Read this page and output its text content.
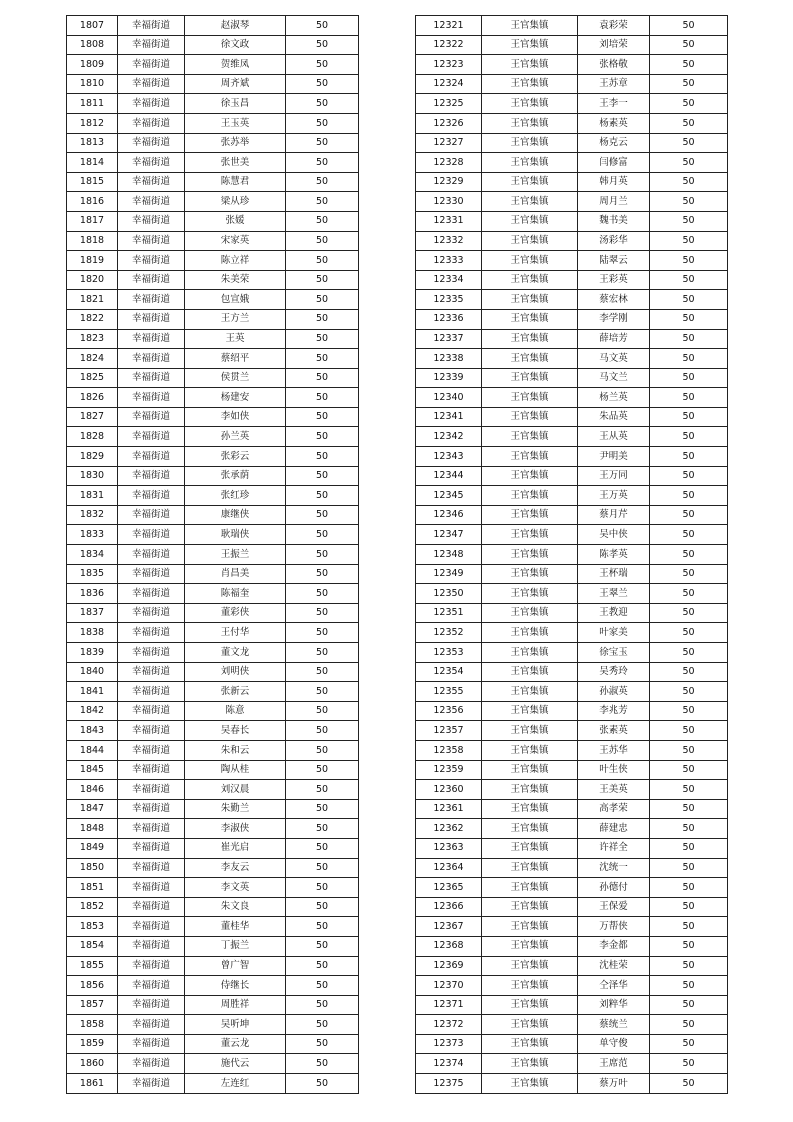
1807	幸福街道	赵淑琴	50
1808	幸福街道	徐文政	50
1809	幸福街道	贺维凤	50
1810	幸福街道	周齐斌	50
1811	幸福街道	徐玉昌	50
1812	幸福街道	王玉英	50
1813	幸福街道	张苏举	50
1814	幸福街道	张世美	50
1815	幸福街道	陈慧君	50
1816	幸福街道	梁从珍	50
1817	幸福街道	张媛	50
1818	幸福街道	宋家英	50
1819	幸福街道	陈立祥	50
1820	幸福街道	朱美荣	50
1821	幸福街道	包宣娥	50
1822	幸福街道	王方兰	50
1823	幸福街道	王英	50
1824	幸福街道	蔡绍平	50
1825	幸福街道	侯贯兰	50
1826	幸福街道	杨建安	50
1827	幸福街道	李如侠	50
1828	幸福街道	孙兰英	50
1829	幸福街道	张彩云	50
1830	幸福街道	张承荫	50
1831	幸福街道	张红珍	50
1832	幸福街道	康继侠	50
1833	幸福街道	耿瑞侠	50
1834	幸福街道	王振兰	50
1835	幸福街道	肖昌美	50
1836	幸福街道	陈福奎	50
1837	幸福街道	董彩侠	50
1838	幸福街道	王付华	50
1839	幸福街道	董文龙	50
1840	幸福街道	刘明侠	50
1841	幸福街道	张新云	50
1842	幸福街道	陈意	50
1843	幸福街道	吴春长	50
1844	幸福街道	朱和云	50
1845	幸福街道	陶从桂	50
1846	幸福街道	刘汉晨	50
1847	幸福街道	朱勤兰	50
1848	幸福街道	李淑侠	50
1849	幸福街道	崔光启	50
1850	幸福街道	李友云	50
1851	幸福街道	李文英	50
1852	幸福街道	朱文良	50
1853	幸福街道	董桂华	50
1854	幸福街道	丁振兰	50
1855	幸福街道	曾广智	50
1856	幸福街道	侍继长	50
1857	幸福街道	周胜祥	50
1858	幸福街道	吴听坤	50
1859	幸福街道	董云龙	50
1860	幸福街道	施代云	50
1861	幸福街道	左连红	50
12321	王官集镇	袁彩荣	50
12322	王官集镇	刘培荣	50
12323	王官集镇	张格敬	50
12324	王官集镇	王苏章	50
12325	王官集镇	王李一	50
12326	王官集镇	杨素英	50
12327	王官集镇	杨克云	50
12328	王官集镇	闫修富	50
12329	王官集镇	韩月英	50
12330	王官集镇	周月兰	50
12331	王官集镇	魏书美	50
12332	王官集镇	汤彩华	50
12333	王官集镇	陆翠云	50
12334	王官集镇	王彩英	50
12335	王官集镇	蔡宏林	50
12336	王官集镇	李学刚	50
12337	王官集镇	薛培芳	50
12338	王官集镇	马文英	50
12339	王官集镇	马文兰	50
12340	王官集镇	杨兰英	50
12341	王官集镇	朱品英	50
12342	王官集镇	王从英	50
12343	王官集镇	尹明美	50
12344	王官集镇	王万同	50
12345	王官集镇	王万英	50
12346	王官集镇	蔡月芹	50
12347	王官集镇	吴中侠	50
12348	王官集镇	陈孝英	50
12349	王官集镇	王杯瑞	50
12350	王官集镇	王翠兰	50
12351	王官集镇	王教迎	50
12352	王官集镇	叶家美	50
12353	王官集镇	徐宝玉	50
12354	王官集镇	吴秀玲	50
12355	王官集镇	孙淑英	50
12356	王官集镇	李兆芳	50
12357	王官集镇	张素英	50
12358	王官集镇	王苏华	50
12359	王官集镇	叶生侠	50
12360	王官集镇	王美英	50
12361	王官集镇	高孝荣	50
12362	王官集镇	薛建忠	50
12363	王官集镇	许祥全	50
12364	王官集镇	沈统一	50
12365	王官集镇	孙德付	50
12366	王官集镇	王保爱	50
12367	王官集镇	万帮侠	50
12368	王官集镇	李金都	50
12369	王官集镇	沈桂荣	50
12370	王官集镇	仝泽华	50
12371	王官集镇	刘粹华	50
12372	王官集镇	蔡统兰	50
12373	王官集镇	单守俊	50
12374	王官集镇	王席范	50
12375	王官集镇	蔡万叶	50
